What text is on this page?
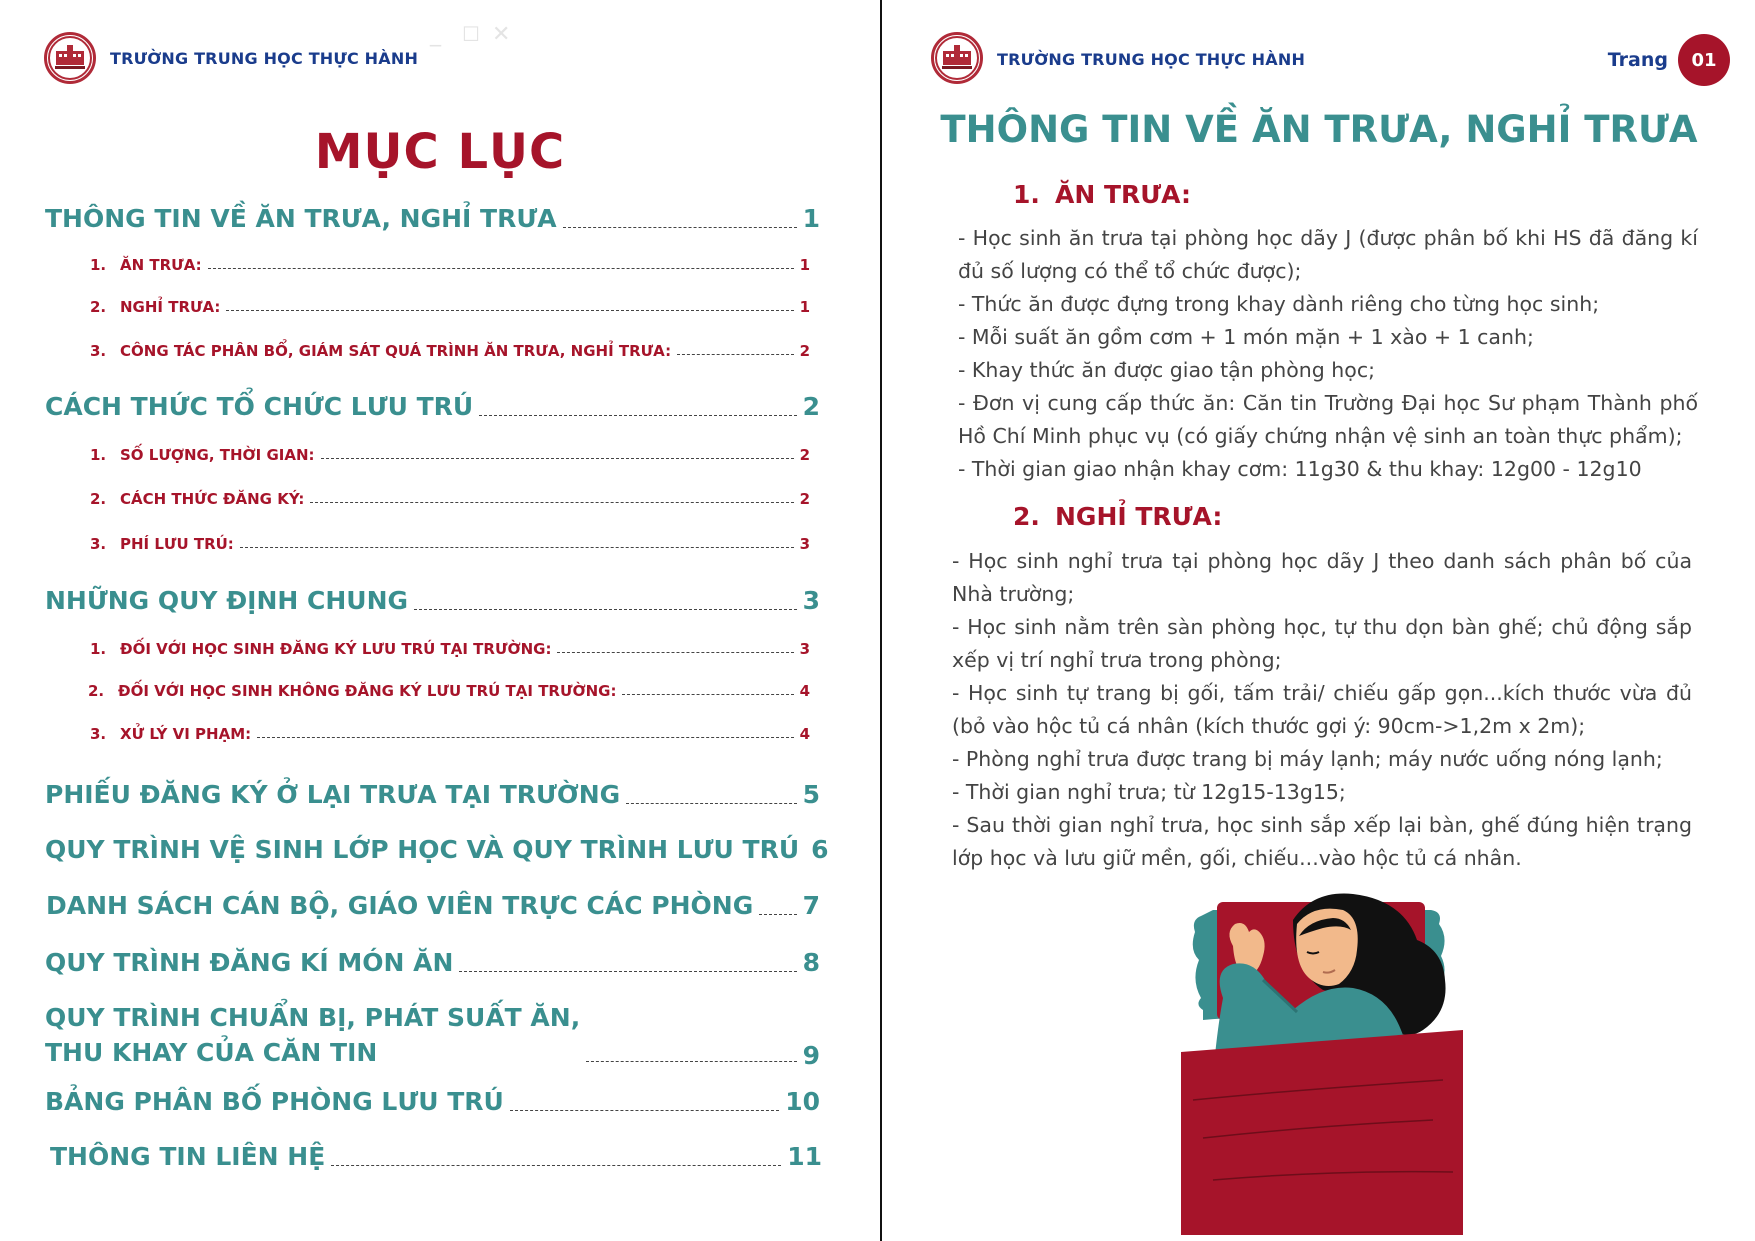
TRƯỜNG TRUNG HỌC THỰC HÀNH
_ ☐ ✕
MỤC LỤC
THÔNG TIN VỀ ĂN TRƯA, NGHỈ TRƯA	1
1. ĂN TRƯA:	1
2. NGHỈ TRƯA:	1
3. CÔNG TÁC PHÂN BỔ, GIÁM SÁT QUÁ TRÌNH ĂN TRƯA, NGHỈ TRƯA:	2
CÁCH THỨC TỔ CHỨC LƯU TRÚ	2
1. SỐ LƯỢNG, THỜI GIAN:	2
2. CÁCH THỨC ĐĂNG KÝ:	2
3. PHÍ LƯU TRÚ:	3
NHỮNG QUY ĐỊNH CHUNG	3
1. ĐỐI VỚI HỌC SINH ĐĂNG KÝ LƯU TRÚ TẠI TRƯỜNG:	3
2. ĐỐI VỚI HỌC SINH KHÔNG ĐĂNG KÝ LƯU TRÚ TẠI TRƯỜNG:	4
3. XỬ LÝ VI PHẠM:	4
PHIẾU ĐĂNG KÝ Ở LẠI TRƯA TẠI TRƯỜNG	5
QUY TRÌNH VỆ SINH LỚP HỌC VÀ QUY TRÌNH LƯU TRÚ 6
DANH SÁCH CÁN BỘ, GIÁO VIÊN TRỰC CÁC PHÒNG 7
QUY TRÌNH ĐĂNG KÍ MÓN ĂN	8
QUY TRÌNH CHUẨN BỊ, PHÁT SUẤT ĂN,
THU KHAY CỦA CĂN TIN	9
BẢNG PHÂN BỐ PHÒNG LƯU TRÚ	10
THÔNG TIN LIÊN HỆ	11
TRƯỜNG TRUNG HỌC THỰC HÀNH	Trang	01
THÔNG TIN VỀ ĂN TRƯA, NGHỈ TRƯA
1. ĂN TRƯA:

- Học sinh ăn trưa tại phòng học dãy J (được phân bố khi HS đã đăng kí đủ số lượng có thể tổ chức được);

- Thức ăn được đựng trong khay dành riêng cho từng học sinh;

- Mỗi suất ăn gồm cơm + 1 món mặn + 1 xào + 1 canh;

- Khay thức ăn được giao tận phòng học;

- Đơn vị cung cấp thức ăn: Căn tin Trường Đại học Sư phạm Thành phố Hồ Chí Minh phục vụ (có giấy chứng nhận vệ sinh an toàn thực phẩm);

- Thời gian giao nhận khay cơm: 11g30 & thu khay: 12g00 - 12g10

2. NGHỈ TRƯA:

- Học sinh nghỉ trưa tại phòng học dãy J theo danh sách phân bố của Nhà trường;

- Học sinh nằm trên sàn phòng học, tự thu dọn bàn ghế; chủ động sắp xếp vị trí nghỉ trưa trong phòng;

- Học sinh tự trang bị gối, tấm trải/ chiếu gấp gọn...kích thước vừa đủ (bỏ vào hộc tủ cá nhân (kích thước gợi ý: 90cm->1,2m x 2m);

- Phòng nghỉ trưa được trang bị máy lạnh; máy nước uống nóng lạnh;

- Thời gian nghỉ trưa; từ 12g15-13g15;

- Sau thời gian nghỉ trưa, học sinh sắp xếp lại bàn, ghế đúng hiện trạng lớp học và lưu giữ mền, gối, chiếu...vào hộc tủ cá nhân.
